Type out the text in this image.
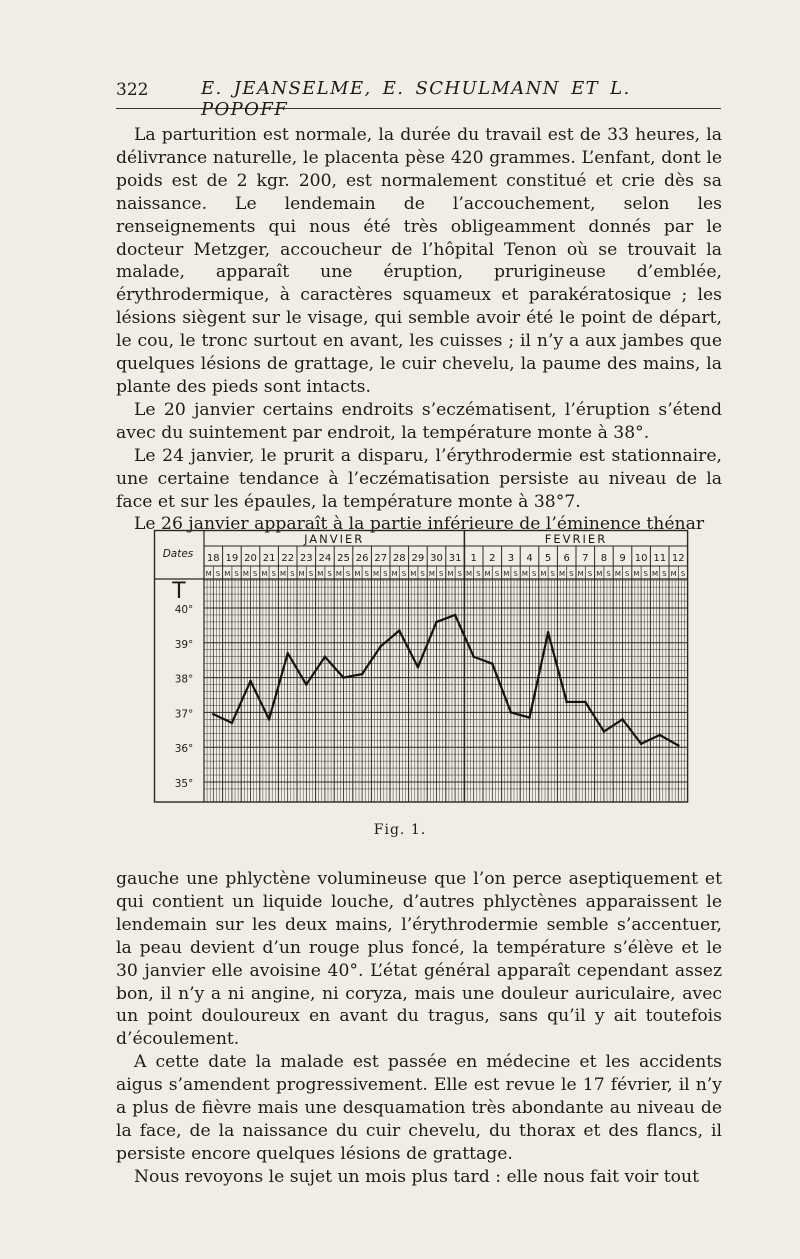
322	E. JEANSELME, E. SCHULMANN ET L. POPOFF

La parturition est normale, la durée du travail est de 33 heures, la délivrance naturelle, le placenta pèse 420 grammes. L’enfant, dont le poids est de 2 kgr. 200, est normalement constitué et crie dès sa naissance. Le lendemain de l’accouchement, selon les renseignements qui nous été très obligeamment donnés par le docteur Metzger, accoucheur de l’hôpital Tenon où se trouvait la malade, apparaît une éruption, prurigineuse d’emblée, érythrodermique, à caractères squameux et parakératosique ; les lésions siègent sur le visage, qui semble avoir été le point de départ, le cou, le tronc surtout en avant, les cuisses ; il n’y a aux jambes que quelques lésions de grattage, le cuir chevelu, la paume des mains, la plante des pieds sont intacts.

Le 20 janvier certains endroits s’eczématisent, l’éruption s’étend avec du suintement par endroit, la température monte à 38°.

Le 24 janvier, le prurit a disparu, l’érythrodermie est stationnaire, une certaine tendance à l’eczématisation persiste au niveau de la face et sur les épaules, la température monte à 38°7.

Le 26 janvier apparaît à la partie inférieure de l’éminence thénar

JANVIER	FEVRIER
Dates 18
M S
19
M S
20
M S
21
M S
22
M S
23
M S
24
M S
25
M S
26
M S
27
M S
28
M S
29
M S
30
M S
31
M S
1
M S
2
M S
3
M S
4
M S
5
M S
6
M S
7
M S
8
M S
9
M S
10
M S
11
M S
12
M S
T
40°
39°
38°
37°
36°
35°
Fig. 1.

gauche une phlyctène volumineuse que l’on perce aseptiquement et qui contient un liquide louche, d’autres phlyctènes apparaissent le lendemain sur les deux mains, l’érythrodermie semble s’accentuer, la peau devient d’un rouge plus foncé, la température s’élève et le 30 janvier elle avoisine 40°. L’état général apparaît cependant assez bon, il n’y a ni angine, ni coryza, mais une douleur auriculaire, avec un point douloureux en avant du tragus, sans qu’il y ait toutefois d’écoulement.

A cette date la malade est passée en médecine et les accidents aigus s’amendent progressivement. Elle est revue le 17 février, il n’y a plus de fièvre mais une desquamation très abondante au niveau de la face, de la naissance du cuir chevelu, du thorax et des flancs, il persiste encore quelques lésions de grattage.

Nous revoyons le sujet un mois plus tard : elle nous fait voir tout
